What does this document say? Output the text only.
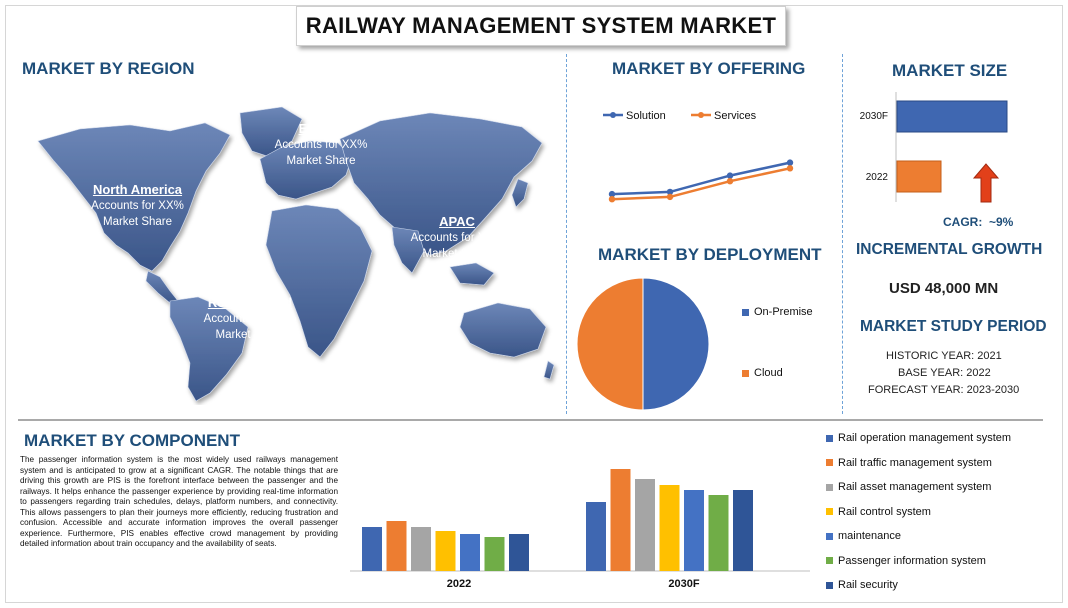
RAILWAY MANAGEMENT SYSTEM MARKET
MARKET BY REGION
Europe
Accounts for XX%
Market Share
North America
Accounts for XX%
Market Share	APAC
Accounts for XX%
Market Share
Rest of World
Accounts for XX%
Market Share
MARKET BY OFFERING
Solution	Services
MARKET BY DEPLOYMENT
On-Premise
Cloud
MARKET SIZE
2030F
2022
CAGR: ~9%
INCREMENTAL GROWTH
USD 48,000 MN
MARKET STUDY PERIOD
HISTORIC YEAR: 2021
BASE YEAR: 2022
FORECAST YEAR: 2023-2030
MARKET BY COMPONENT
The passenger information system is the most widely used railways management system and is anticipated to grow at a significant CAGR. The notable things that are driving this growth are PIS is the forefront interface between the passenger and the railways. It helps enhance the passenger experience by providing real-time information to passengers regarding train schedules, delays, platform numbers, and connectivity. This allows passengers to plan their journeys more efficiently, reducing frustration and confusion. Accessible and accurate information improves the overall passenger experience. Furthermore, PIS enables effective crowd management by providing detailed information about train occupancy and the availability of seats.
2022	2030F
Rail operation management system
Rail traffic management system
Rail asset management system
Rail control system
maintenance
Passenger information system
Rail security
